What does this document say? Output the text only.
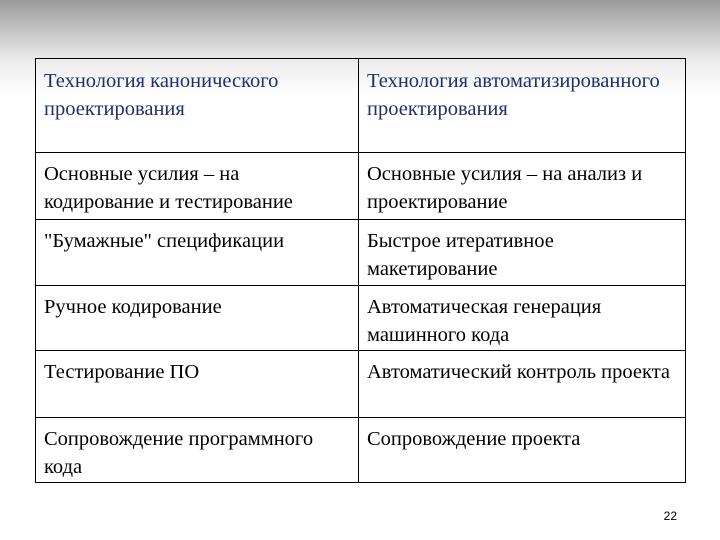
Технология канонического проектирования	Технология автоматизированного проектирования
Основные усилия – на кодирование и тестирование	Основные усилия – на анализ и проектирование
"Бумажные" спецификации	Быстрое итеративное макетирование
Ручное кодирование	Автоматическая генерация машинного кода
Тестирование ПО	Автоматический контроль проекта
Сопровождение программного кода	Сопровождение проекта
22
